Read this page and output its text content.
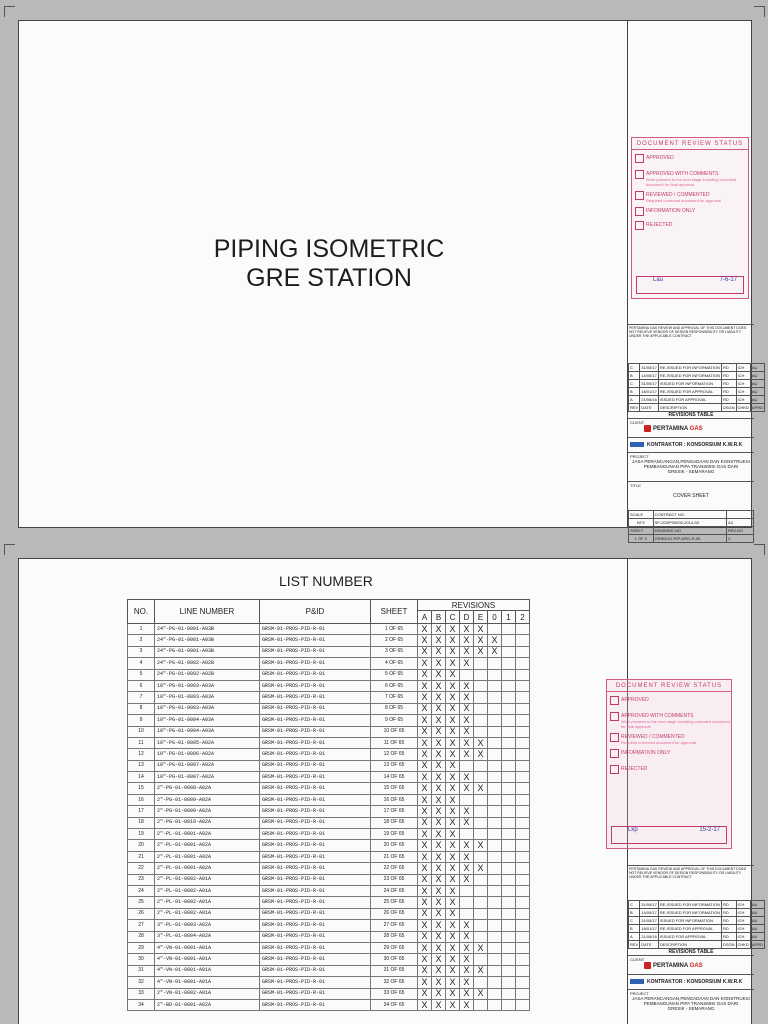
PIPING ISOMETRIC
GRE STATION
DOCUMENT REVIEW STATUS
APPROVED
APPROVED WITH COMMENTS
Work proceed to the next stage including corrected document for final approval
REVIEWED / COMMENTED
Required corrected document for approval
INFORMATION ONLY
REJECTED
Lau	7-6-17
PERTAMINA GAS REVIEW AND APPROVAL OF THIS DOCUMENT DOES NOT RELIEVE VENDOR OF DESIGN RESPONSIBILITY OR LIABILITY UNDER THE APPLICABLE CONTRACT
C	31/05/17	RE-ISSUED FOR INFORMATION	RD	ICH	AU
B	14/05/17	RE-ISSUED FOR INFORMATION	RD	ICH	AU
C	31/05/17	ISSUED FOR INFORMATION	RD	ICH	AU
B	18/01/17	RE-ISSUED FOR APPROVAL	RD	ICH	AU
A	21/08/16	ISSUED FOR APPROVAL	RD	ICH	AU
REV	DATE	DESCRIPTION	DSGN	CHKD	APRD
REVISIONS TABLE
CLIENT
PERTAMINA GAS
KONTRAKTOR : KONSORSIUM K.W.R.K
PROJECT
JASA PERANCANGAN,PENGADAAN DAN KONSTRUKSI
PEMBANGUNAN PIPA TRANSMISI GAS DARI
GRESIK - SEMARANG
TITLE
COVER SHEET
SCALE	CONTRACT NO.	
NTS	SP-203/P00000-2014-S0	A3
SHEET	DRAWING NO.	REV.NO
1 OF 3	GRSM-01-PIP-DRG-R-05	C
LIST NUMBER
NO.	LINE NUMBER	P&ID	SHEET	REVISIONS							
				A	B	C	D	E	0	1	2
1	24"-PG-01-0001-A03B	GRSM-01-PROS-PID-R-01	1 OF 65	X	X	X	X	X			
2	24"-PG-01-0001-A03B	GRSM-01-PROS-PID-R-01	2 OF 65	X	X	X	X	X	X		
3	24"-PG-01-0001-A03B	GRSM-01-PROS-PID-R-01	3 OF 65	X	X	X	X	X	X		
4	24"-PG-01-0002-A02B	GRSM-01-PROS-PID-R-01	4 OF 65	X	X	X	X				
5	24"-PG-01-0002-A02B	GRSM-01-PROS-PID-R-01	5 OF 65	X	X	X					
6	10"-PG-01-0003-A03A	GRSM-01-PROS-PID-R-01	6 OF 65	X	X	X	X				
7	10"-PG-01-0003-A03A	GRSM-01-PROS-PID-R-01	7 OF 65	X	X	X	X				
8	10"-PG-01-0003-A03A	GRSM-01-PROS-PID-R-01	8 OF 65	X	X	X	X				
9	10"-PG-01-0004-A03A	GRSM-01-PROS-PID-R-01	9 OF 65	X	X	X	X				
10	10"-PG-01-0004-A03A	GRSM-01-PROS-PID-R-01	10 OF 65	X	X	X	X				
11	10"-PG-01-0005-A02A	GRSM-01-PROS-PID-R-01	11 OF 65	X	X	X	X	X			
12	10"-PG-01-0006-A02A	GRSM-01-PROS-PID-R-01	12 OF 65	X	X	X	X	X			
13	10"-PG-01-0007-A02A	GRSM-01-PROS-PID-R-01	13 OF 65	X	X	X					
14	10"-PG-01-0007-A02A	GRSM-01-PROS-PID-R-01	14 OF 65	X	X	X	X				
15	2"-PG-01-0008-A02A	GRSM-01-PROS-PID-R-01	15 OF 65	X	X	X	X	X			
16	2"-PG-01-0009-A02A	GRSM-01-PROS-PID-R-01	16 OF 65	X	X	X					
17	2"-PG-01-0009-A02A	GRSM-01-PROS-PID-R-01	17 OF 65	X	X	X	X				
18	2"-PG-01-0010-A02A	GRSM-01-PROS-PID-R-01	18 OF 65	X	X	X	X				
19	2"-PL-01-0001-A02A	GRSM-01-PROS-PID-R-01	19 OF 65	X	X	X					
20	2"-PL-01-0001-A02A	GRSM-01-PROS-PID-R-01	20 OF 65	X	X	X	X	X			
21	2"-PL-01-0001-A02A	GRSM-01-PROS-PID-R-01	21 OF 65	X	X	X	X				
22	2"-PL-01-0001-A02A	GRSM-01-PROS-PID-R-01	22 OF 65	X	X	X	X	X			
23	2"-PL-01-0002-A01A	GRSM-01-PROS-PID-R-01	23 OF 65	X	X	X	X				
24	2"-PL-01-0002-A01A	GRSM-01-PROS-PID-R-01	24 OF 65	X	X	X					
25	2"-PL-01-0002-A01A	GRSM-01-PROS-PID-R-01	25 OF 65	X	X	X					
26	2"-PL-01-0002-A01A	GRSM-01-PROS-PID-R-01	26 OF 65	X	X	X					
27	3"-PL-01-0003-A02A	GRSM-01-PROS-PID-R-01	27 OF 65	X	X	X	X				
28	3"-PL-01-0004-A02A	GRSM-01-PROS-PID-R-01	28 OF 65	X	X	X	X				
29	4"-VN-01-0001-A01A	GRSM-01-PROS-PID-R-01	29 OF 65	X	X	X	X	X			
30	4"-VN-01-0001-A01A	GRSM-01-PROS-PID-R-01	30 OF 65	X	X	X	X				
31	4"-VN-01-0001-A01A	GRSM-01-PROS-PID-R-01	31 OF 65	X	X	X	X	X			
32	4"-VN-01-0001-A01A	GRSM-01-PROS-PID-R-01	32 OF 65	X	X	X	X				
33	2"-VN-01-0002-A01A	GRSM-01-PROS-PID-R-01	33 OF 65	X	X	X	X	X			
34	2"-BD-01-0001-A02A	GRSM-01-PROS-PID-R-01	34 OF 65	X	X	X	X				
DOCUMENT REVIEW STATUS
APPROVED
APPROVED WITH COMMENTS
Work proceed to the next stage including corrected document for final approval
REVIEWED / COMMENTED
Required corrected document for approval
INFORMATION ONLY
REJECTED
Lkp	15-2-17
PERTAMINA GAS REVIEW AND APPROVAL OF THIS DOCUMENT DOES NOT RELIEVE VENDOR OF DESIGN RESPONSIBILITY OR LIABILITY UNDER THE APPLICABLE CONTRACT
C	31/05/17	RE-ISSUED FOR INFORMATION	RD	ICH	AU
B	14/05/17	RE-ISSUED FOR INFORMATION	RD	ICH	AU
C	31/05/17	ISSUED FOR INFORMATION	RD	ICH	AU
B	18/01/17	RE-ISSUED FOR APPROVAL	RD	ICH	AU
A	21/08/16	ISSUED FOR APPROVAL	RD	ICH	AU
REV	DATE	DESCRIPTION	DSGN	CHKD	APRD
REVISIONS TABLE
CLIENT
PERTAMINA GAS
KONTRAKTOR : KONSORSIUM K.W.R.K
PROJECT
JASA PERANCANGAN,PENGADAAN DAN KONSTRUKSI
PEMBANGUNAN PIPA TRANSMISI GAS DARI
GRESIK - SEMARANG
